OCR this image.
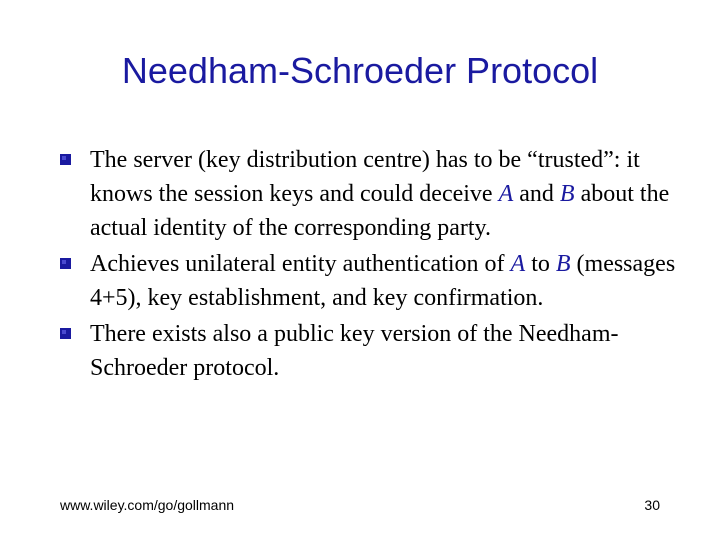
Needham-Schroeder Protocol
The server (key distribution centre) has to be “trusted”: it knows the session keys and could deceive A and B about the actual identity of the corresponding party.
Achieves unilateral entity authentication of A to B (messages 4+5), key establishment, and key confirmation.
There exists also a public key version of the Needham-Schroeder protocol.
www.wiley.com/go/gollmann	30
